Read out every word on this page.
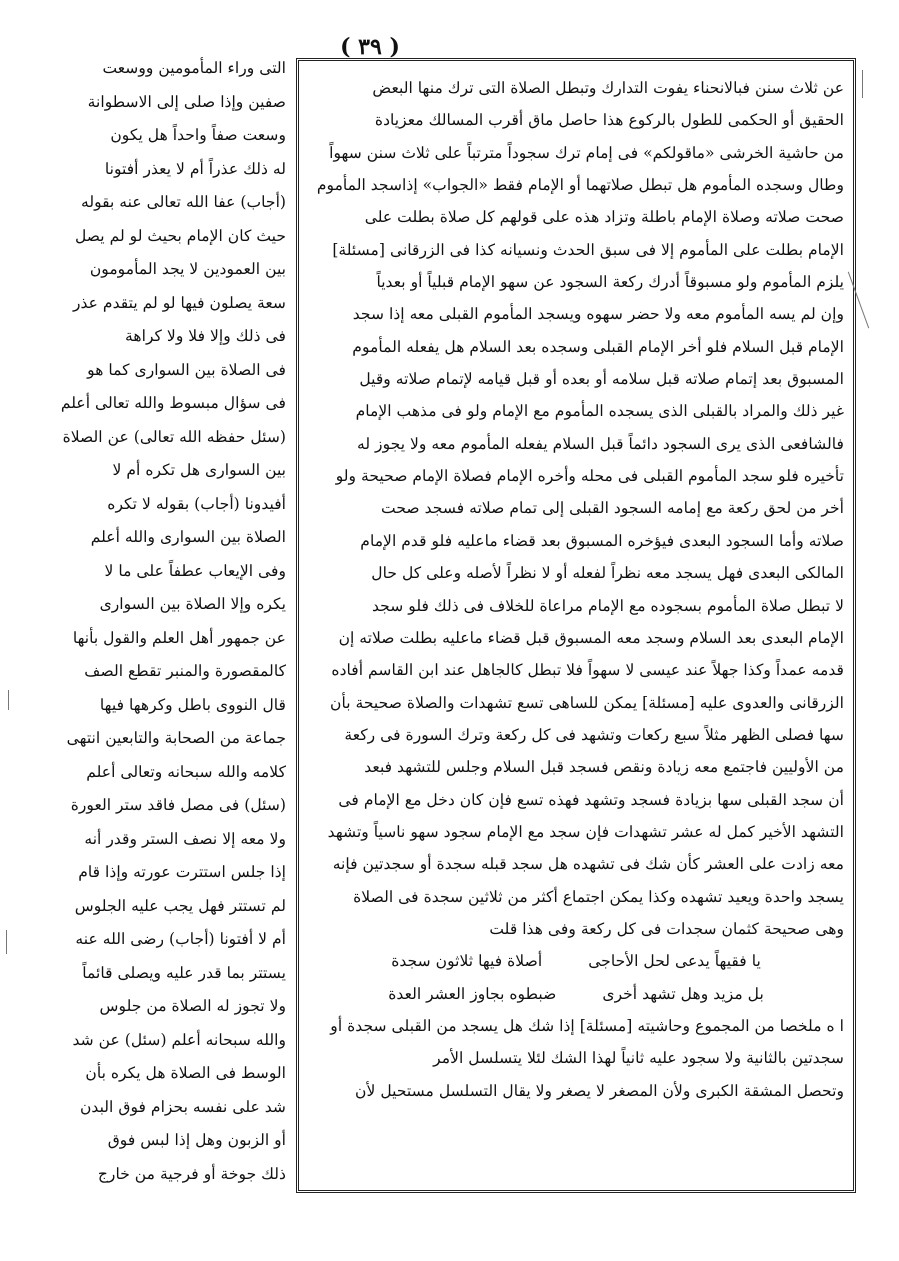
( ٣٩ )
عن ثلاث سنن فبالانحناء يفوت التدارك وتبطل الصلاة التى ترك منها البعض
الحقيق أو الحكمى للطول بالركوع هذا حاصل ماق أقرب المسالك معزيادة
من حاشية الخرشى «ماقولكم» فى إمام ترك سجوداً مترتباً على ثلاث سنن سهواً
وطال وسجده المأموم هل تبطل صلاتهما أو الإمام فقط «الجواب» إذاسجد المأموم
صحت صلاته وصلاة الإمام باطلة وتزاد هذه على قولهم كل صلاة بطلت على
الإمام بطلت على المأموم إلا فى سبق الحدث ونسيانه كذا فى الزرقانى [مسئلة]
يلزم المأموم ولو مسبوقاً أدرك ركعة السجود عن سهو الإمام قبلياً أو بعدياً
وإن لم يسه المأموم معه ولا حضر سهوه ويسجد المأموم القبلى معه إذا سجد
الإمام قبل السلام فلو أخر الإمام القبلى وسجده بعد السلام هل يفعله المأموم
المسبوق بعد إتمام صلاته قبل سلامه أو بعده أو قبل قيامه لإتمام صلاته وقيل
غير ذلك والمراد بالقبلى الذى يسجده المأموم مع الإمام ولو فى مذهب الإمام
فالشافعى الذى يرى السجود دائماً قبل السلام يفعله المأموم معه ولا يجوز له
تأخيره فلو سجد المأموم القبلى فى محله وأخره الإمام فصلاة الإمام صحيحة ولو
أخر من لحق ركعة مع إمامه السجود القبلى إلى تمام صلاته فسجد صحت
صلاته وأما السجود البعدى فيؤخره المسبوق بعد قضاء ماعليه فلو قدم الإمام
المالكى البعدى فهل يسجد معه نظراً لفعله أو لا نظراً لأصله وعلى كل حال
لا تبطل صلاة المأموم بسجوده مع الإمام مراعاة للخلاف فى ذلك فلو سجد
الإمام البعدى بعد السلام وسجد معه المسبوق قبل قضاء ماعليه بطلت صلاته إن
قدمه عمداً وكذا جهلاً عند عيسى لا سهواً فلا تبطل كالجاهل عند ابن القاسم أفاده
الزرقانى والعدوى عليه [مسئلة] يمكن للساهى تسع تشهدات والصلاة صحيحة بأن
سها فصلى الظهر مثلاً سبع ركعات وتشهد فى كل ركعة وترك السورة فى ركعة
من الأوليين فاجتمع معه زيادة ونقص فسجد قبل السلام وجلس للتشهد فبعد
أن سجد القبلى سها بزيادة فسجد وتشهد فهذه تسع فإن كان دخل مع الإمام فى
التشهد الأخير كمل له عشر تشهدات فإن سجد مع الإمام سجود سهو ناسياً وتشهد
معه زادت على العشر كأن شك فى تشهده هل سجد قبله سجدة أو سجدتين فإنه
يسجد واحدة ويعيد تشهده وكذا يمكن اجتماع أكثر من ثلاثين سجدة فى الصلاة
وهى صحيحة كثمان سجدات فى كل ركعة وفى هذا قلت
يا فقيهاً يدعى لحل الأحاجى
أصلاة فيها ثلاثون سجدة
بل مزيد وهل تشهد أخرى
ضبطوه بجاوز العشر العدة
ا ه ملخصا من المجموع وحاشيته [مسئلة] إذا شك هل يسجد من القبلى سجدة أو
سجدتين بالثانية ولا سجود عليه ثانياً لهذا الشك لئلا يتسلسل الأمر
وتحصل المشقة الكبرى ولأن المصغر لا يصغر ولا يقال التسلسل مستحيل لأن
التى وراء المأمومين ووسعت
صفين وإذا صلى إلى الاسطوانة
وسعت صفاً واحداً هل يكون
له ذلك عذراً أم لا يعذر أفتونا
(أجاب) عفا الله تعالى عنه بقوله
حيث كان الإمام بحيث لو لم يصل
بين العمودين لا يجد المأمومون
سعة يصلون فيها لو لم يتقدم عذر
فى ذلك وإلا فلا ولا كراهة
فى الصلاة بين السوارى كما هو
فى سؤال مبسوط والله تعالى أعلم
(سئل حفظه الله تعالى) عن الصلاة
بين السوارى هل تكره أم لا
أفيدونا (أجاب) بقوله لا تكره
الصلاة بين السوارى والله أعلم
وفى الإيعاب عطفاً على ما لا
يكره وإلا الصلاة بين السوارى
عن جمهور أهل العلم والقول بأنها
كالمقصورة والمنبر تقطع الصف
قال النووى باطل وكرهها فيها
جماعة من الصحابة والتابعين انتهى
كلامه والله سبحانه وتعالى أعلم
(سئل) فى مصل فاقد ستر العورة
ولا معه إلا نصف الستر وقدر أنه
إذا جلس استترت عورته وإذا قام
لم تستتر فهل يجب عليه الجلوس
أم لا أفتونا (أجاب) رضى الله عنه
يستتر بما قدر عليه ويصلى قائماً
ولا تجوز له الصلاة من جلوس
والله سبحانه أعلم (سئل) عن شد
الوسط فى الصلاة هل يكره بأن
شد على نفسه بحزام فوق البدن
أو الزبون وهل إذا لبس فوق
ذلك جوخة أو فرجية من خارج
